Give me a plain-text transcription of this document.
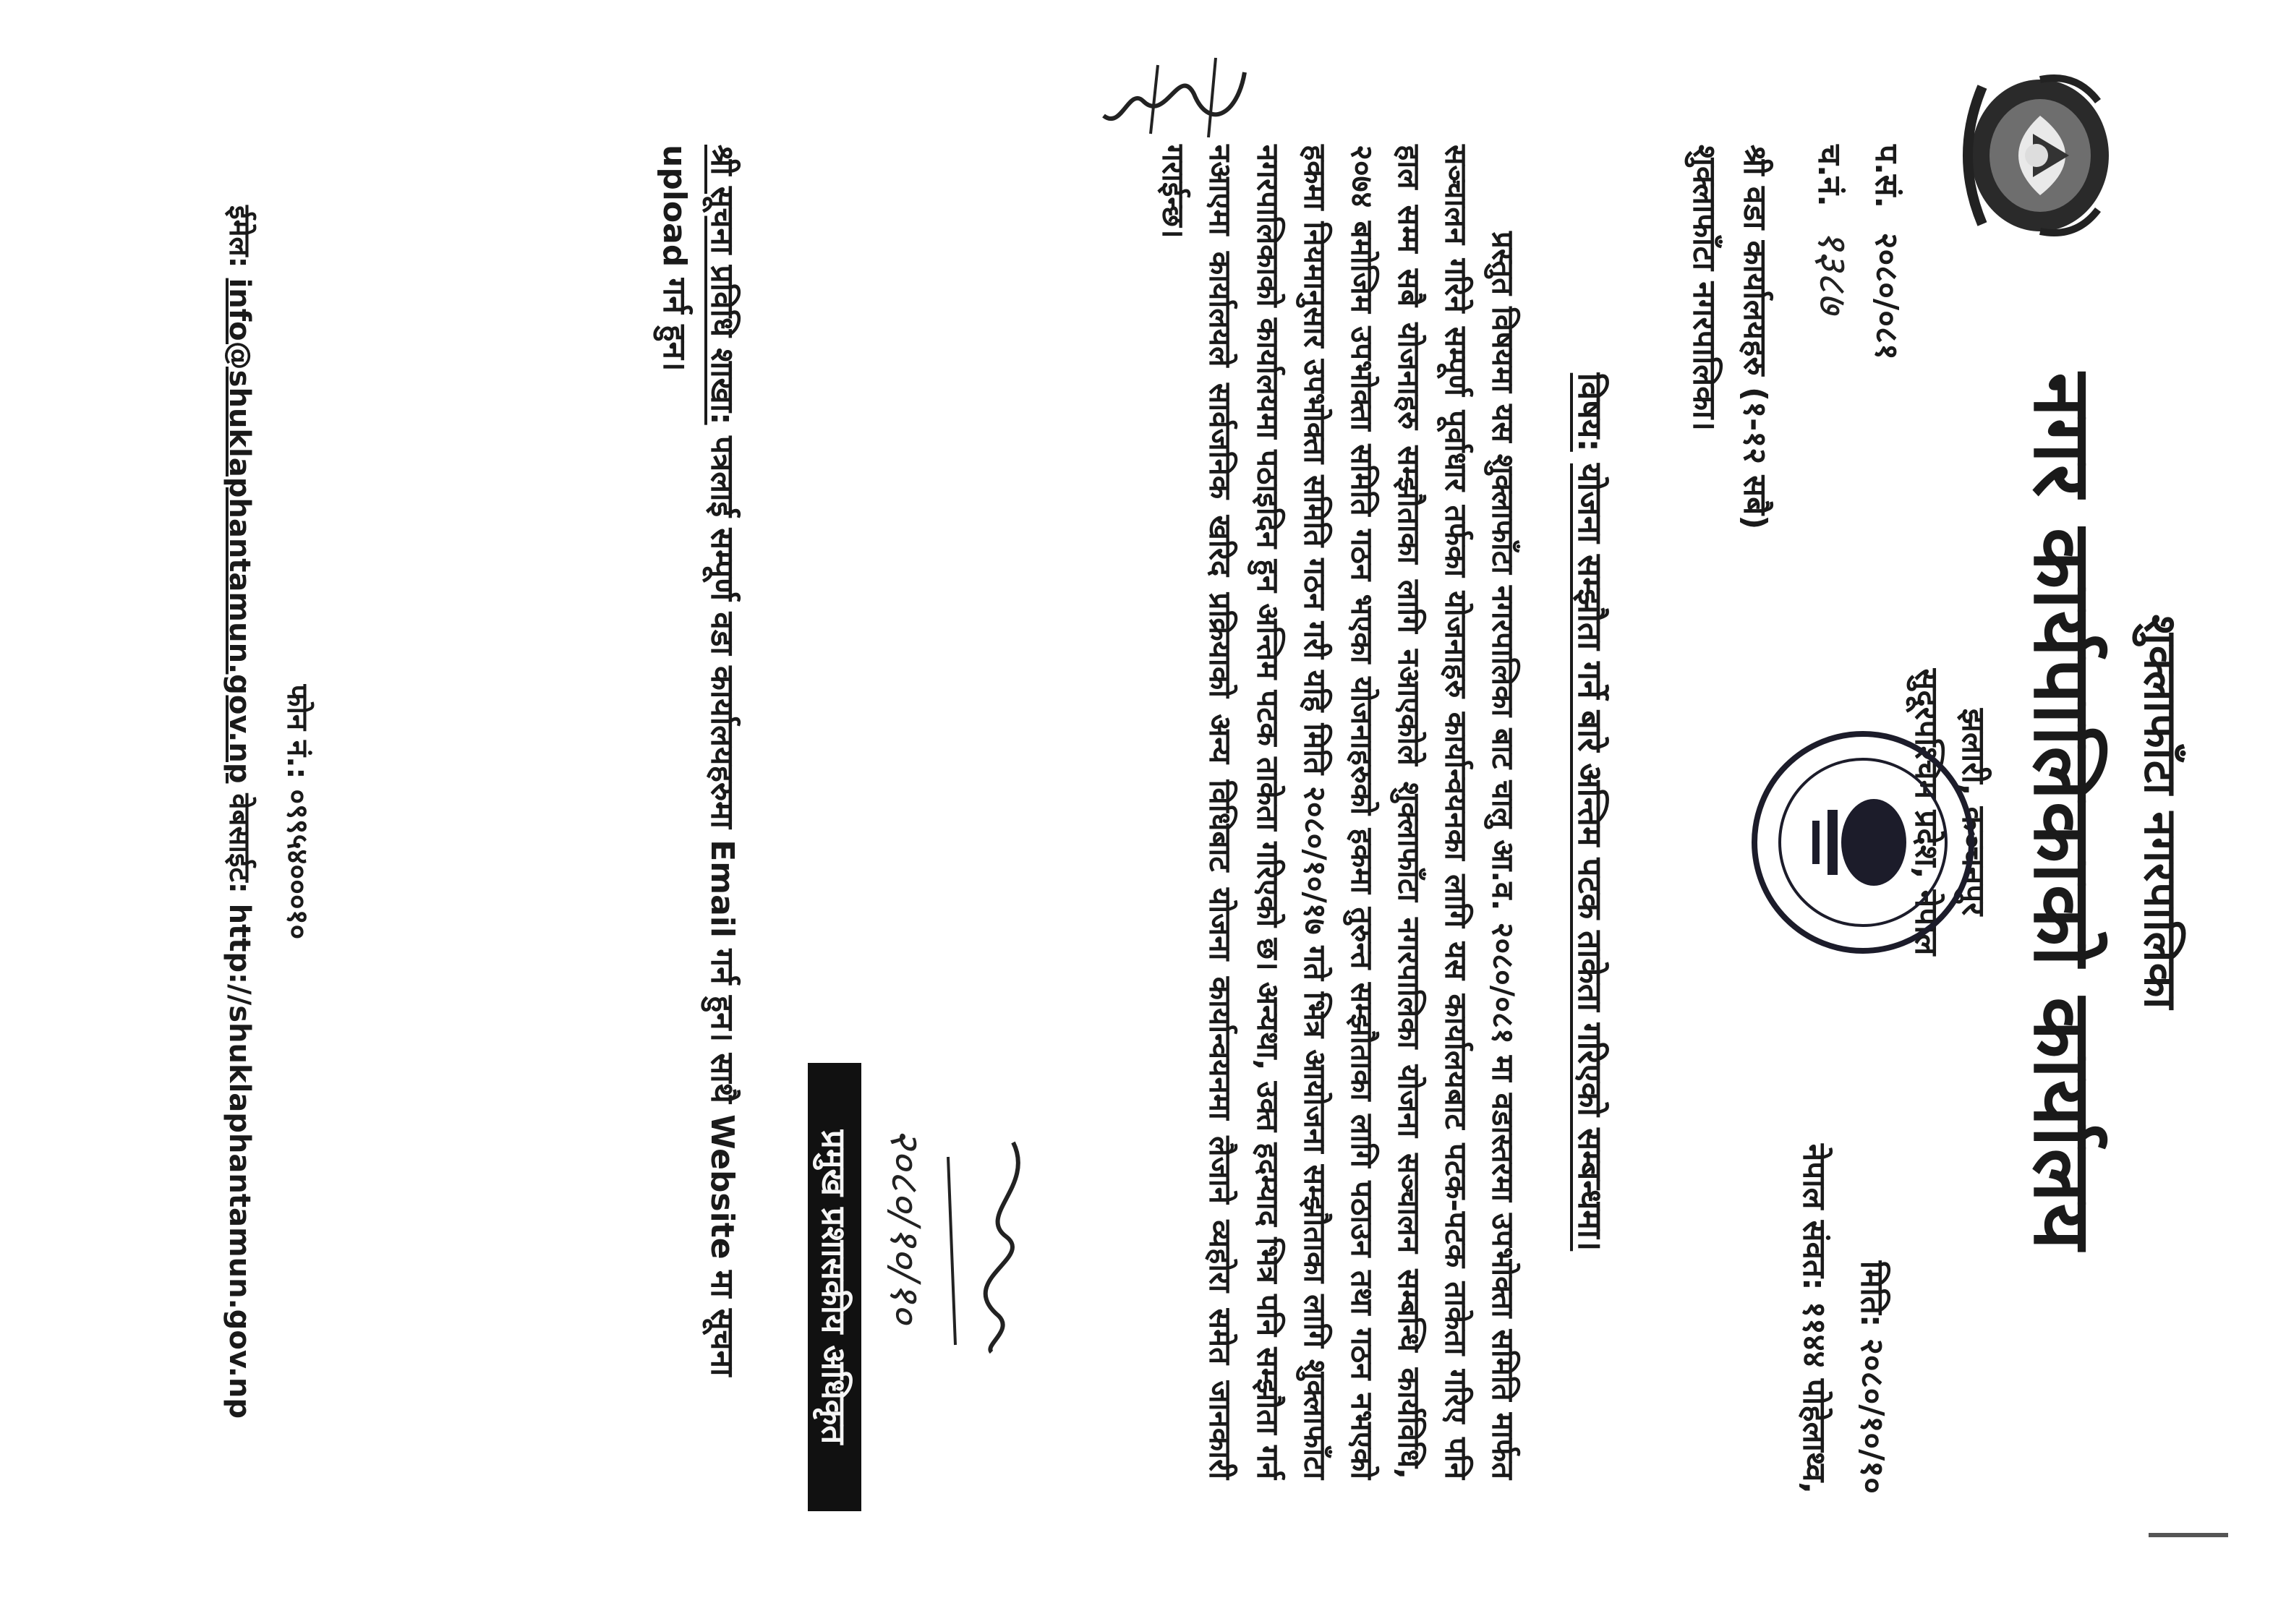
शुक्लाफाँटा नगरपालिका
नगर कार्यपालिकाको कार्यालय
झलारी, कञ्चनपुर
सुदूरपश्चिम प्रदेश, नेपाल
मिति: २०८०/१०/१०
नेपाल संवत: ११४४ पोहेलाथ्व,
प.सं. २०८०/०८१
च.नं. १३८७
श्री वडा कार्यालयहरु (१-१२ सबै)
शुक्लाफाँटा नगरपालिका।
विषय: योजना सम्झौता गर्ने बारे अन्तिम पटक ताकेता गरिएको सम्बन्धमा।
प्रस्तुत विषयमा यस शुक्लाफाँटा नगरपालिका बाट चालु आ.व. २०८०/०८१ मा वडास्तरमा उपभोक्ता समिति मार्फत सञ्चालन गरिने सम्पूर्ण पूर्वाधार तर्फका योजनाहरु कार्यान्वयनका लागि यस कार्यालयबाट पटक-पटक ताकेता गरिए पनि हाल सम्म सबै योजनाहरु सम्झौताका लागि नआएकोले शुक्लाफाँटा नगरपालिका योजना सञ्चालन सम्बन्धि कार्यविधि, २०७४ बमोजिम उपभोक्ता समिति गठन भएका योजनाहरुको हकमा तुरुन्त सम्झौताका लागि पठाउन तथा गठन नभएको हकमा नियमानुसार उपभोक्ता समिति गठन गरी यहि मिति २०८०/१०/१७ गते भित्र आयोजना सम्झौताका लागि शुक्लाफाँटा नगरपालिकाको कार्यालयमा पठाइदिन हुन अन्तिम पटक ताकेता गरिएको छ। अन्यथा, उक्त हदम्याद भित्र पनि सम्झौता गर्न नआएमा कार्यालयले सार्वजनिक खरिद प्रक्रियाको अन्य विधिबाट योजना कार्यान्वयनमा लैजाने व्यहोरा समेत जानकारी गराईन्छ।
२०८०/१०/१०
प्रमुख प्रशासकीय अधिकृत
श्री सूचना प्रविधि शाखा: पत्रलाई सम्पूर्ण वडा कार्यालयहरुमा Email गर्न हुन। साथै Website मा सूचना upload गर्न हुन।
फोन नं.: ०९९५४०००१०
ईमेल: info@shuklaphantamun.gov.np वेबसाईट: http://shuklaphantamun.gov.np
